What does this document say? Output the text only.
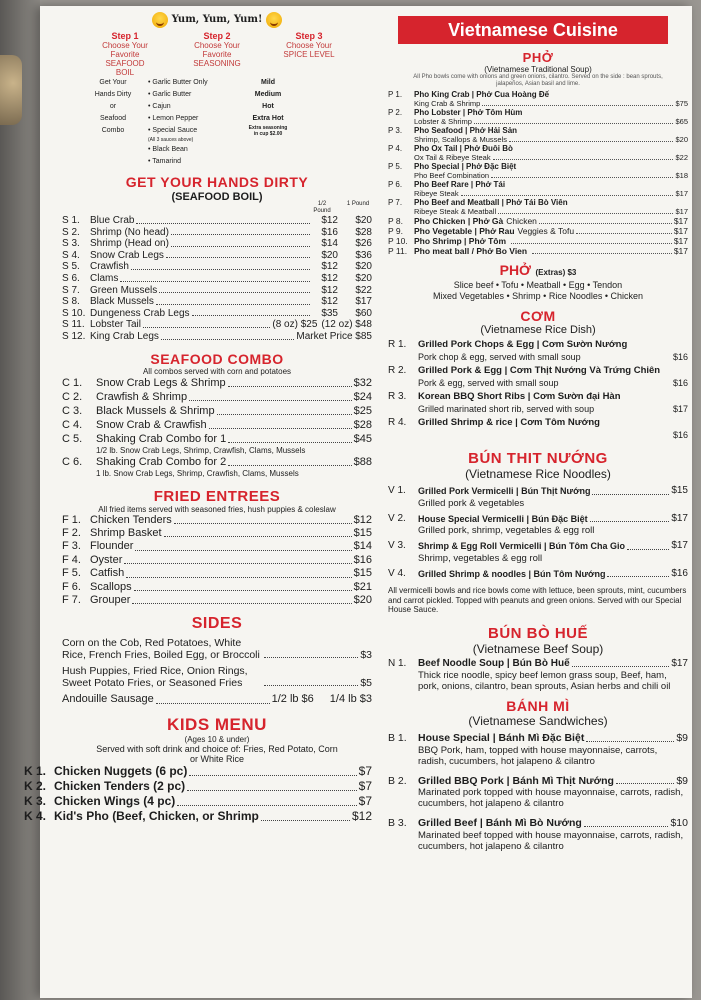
Yum, Yum, Yum!
Step 1
Choose Your Favorite SEAFOOD BOIL
Step 2
Choose Your Favorite SEASONING
Step 3
Choose Your SPICE LEVEL
Get Your
Hands Dirty
or
Seafood
Combo
• Garlic Butter Only
• Garlic Butter
• Cajun
• Lemon Pepper
• Special Sauce
(All 3 sauces above)
• Black Bean
• Tamarind
Mild
Medium
Hot
Extra Hot
Extra seasoning
in cup $2.00
GET YOUR HANDS DIRTY
(SEAFOOD BOIL)
1/2 Pound
1 Pound
S 1.	Blue Crab	$12	$20
S 2.	Shrimp (No head)	$16	$28
S 3.	Shrimp (Head on)	$14	$26
S 4.	Snow Crab Legs	$20	$36
S 5.	Crawfish	$12	$20
S 6.	Clams	$12	$20
S 7.	Green Mussels	$12	$22
S 8.	Black Mussels	$12	$17
S 10. Dungeness Crab Legs	$35	$60
S 11. Lobster Tail	(8 oz) $25 (12 oz) $48
S 12. King Crab Legs	Market Price $85
SEAFOOD COMBO
All combos served with corn and potatoes
C 1.	Snow Crab Legs & Shrimp	$32
C 2.	Crawfish & Shrimp	$24
C 3.	Black Mussels & Shrimp	$25
C 4.	Snow Crab & Crawfish	$28
C 5.	Shaking Crab Combo for 1	$45
1/2 lb. Snow Crab Legs, Shrimp, Crawfish, Clams, Mussels
C 6.	Shaking Crab Combo for 2	$88
1 lb. Snow Crab Legs, Shrimp, Crawfish, Clams, Mussels
FRIED ENTREES
All fried items served with seasoned fries, hush puppies & coleslaw
F 1. Chicken Tenders	$12
F 2. Shrimp Basket	$15
F 3. Flounder	$14
F 4. Oyster	$16
F 5. Catfish	$15
F 6. Scallops	$21
F 7. Grouper	$20
SIDES
Corn on the Cob, Red Potatoes, White Rice, French Fries, Boiled Egg, or Broccoli	$3
Hush Puppies, Fried Rice, Onion Rings, Sweet Potato Fries, or Seasoned Fries	$5
Andouille Sausage	1/2 lb $6 1/4 lb $3
KIDS MENU
(Ages 10 & under)
Served with soft drink and choice of: Fries, Red Potato, Corn or White Rice
K 1. Chicken Nuggets (6 pc)	$7
K 2. Chicken Tenders (2 pc)	$7
K 3. Chicken Wings (4 pc)	$7
K 4. Kid's Pho (Beef, Chicken, or Shrimp	$12
Vietnamese Cuisine
PHỞ
(Vietnamese Traditional Soup)
All Pho bowls come with onions and green onions, cilantro. Served on the side : bean sprouts, jalapeños, Asian basil and lime.
P 1.	Pho King Crab | Phở Cua Hoàng Đế
King Crab & Shrimp	$75
P 2.	Pho Lobster | Phở Tôm Hùm
Lobster & Shrimp	$65
P 3.	Pho Seafood | Phở Hải Sản
Shrimp, Scallops & Mussels	$20
P 4.	Pho Ox Tail | Phở Đuôi Bò
Ox Tail & Ribeye Steak	$22
P 5.	Pho Special | Phở Đặc Biệt
Pho Beef Combination	$18
P 6.	Pho Beef Rare | Phở Tái
Ribeye Steak	$17
P 7.	Pho Beef and Meatball | Phở Tái Bò Viên
Ribeye Steak & Meatball	$17
P 8.	Pho Chicken | Phở Gà Chicken	$17
P 9.	Pho Vegetable | Phở Rau Veggies & Tofu	$17
P 10. Pho Shrimp | Phở Tôm	$17
P 11. Pho meat ball / Phở Bo Vien	$17
PHỞ (Extras) $3
Slice beef • Tofu • Meatball • Egg • Tendon
Mixed Vegetables • Shrimp • Rice Noodles • Chicken
CƠM
(Vietnamese Rice Dish)
R 1.	Grilled Pork Chops & Egg | Cơm Sườn Nướng
Pork chop & egg, served with small soup	$16
R 2.	Grilled Pork & Egg | Cơm Thịt Nướng Và Trứng Chiên
Pork & egg, served with small soup	$16
R 3.	Korean BBQ Short Ribs | Cơm Sườn đại Hàn
Grilled marinated short rib, served with soup	$17
R 4.	Grilled Shrimp & rice | Cơm Tôm Nướng
$16
BÚN THIT NƯỚNG
(Vietnamese Rice Noodles)
V 1.	Grilled Pork Vermicelli | Bún Thịt Nướng	$15
Grilled pork & vegetables
V 2.	House Special Vermicelli | Bún Đặc Biệt	$17
Grilled pork, shrimp, vegetables & egg roll
V 3.	Shrimp & Egg Roll Vermicelli | Bún Tôm Cha Gio	$17
Shrimp, vegetables & egg roll
V 4.	Grilled Shrimp & noodles | Bún Tôm Nướng	$16
All vermicelli bowls and rice bowls come with lettuce, been sprouts, mint, cucumbers and carrot pickled. Topped with peanuts and green onions. Served with our Special House Sauce.
BÚN BÒ HUẾ
(Vietnamese Beef Soup)
N 1.	Beef Noodle Soup | Bún Bò Huế	$17
Thick rice noodle, spicy beef lemon grass soup, Beef, ham, pork, onions, cilantro, bean sprouts, Asian herbs and chili oil
BÁNH MÌ
(Vietnamese Sandwiches)
B 1.	House Special | Bánh Mì Đặc Biệt	$9
BBQ Pork, ham, topped with house mayonnaise, carrots, radish, cucumbers, hot jalapeno & cilantro
B 2.	Grilled BBQ Pork | Bánh Mì Thịt Nướng	$9
Marinated pork topped with house mayonnaise, carrots, radish, cucumbers, hot jalapeno & cilantro
B 3.	Grilled Beef | Bánh Mì Bò Nướng	$10
Marinated beef topped with house mayonnaise, carrots, radish, cucumbers, hot jalapeno & cilantro
